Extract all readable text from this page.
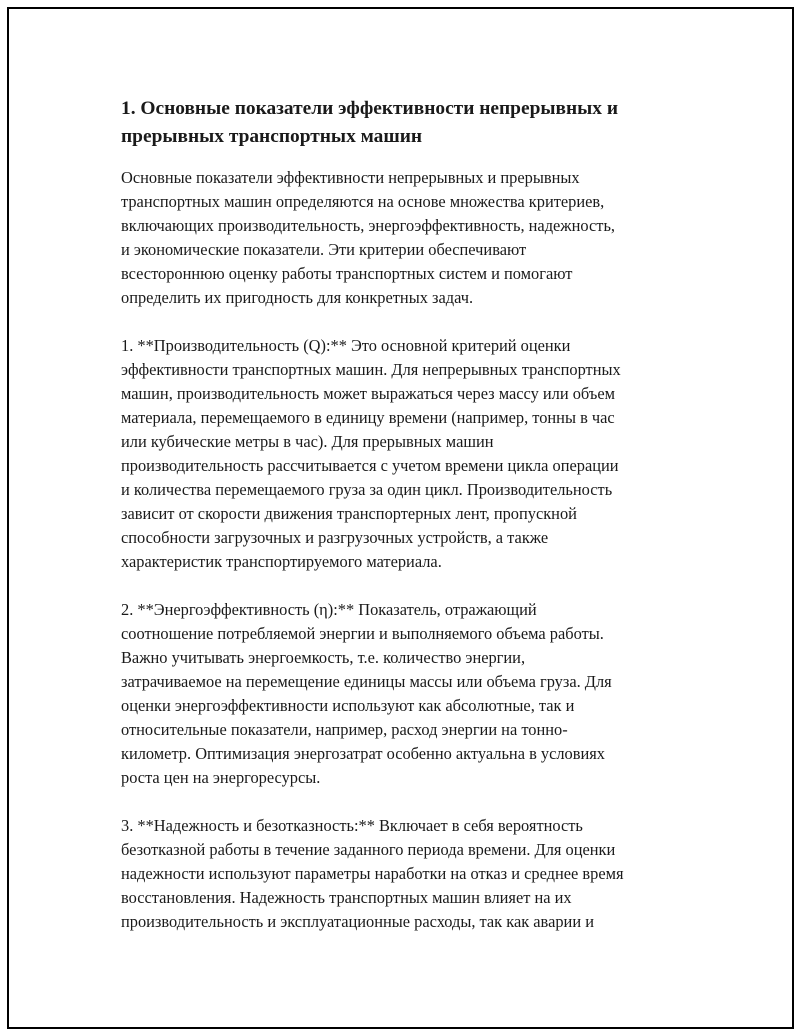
1. Основные показатели эффективности непрерывных и прерывных транспортных машин

Основные показатели эффективности непрерывных и прерывных
транспортных машин определяются на основе множества критериев,
включающих производительность, энергоэффективность, надежность,
и экономические показатели. Эти критерии обеспечивают
всестороннюю оценку работы транспортных систем и помогают
определить их пригодность для конкретных задач.

1. **Производительность (Q):** Это основной критерий оценки
эффективности транспортных машин. Для непрерывных транспортных
машин, производительность может выражаться через массу или объем
материала, перемещаемого в единицу времени (например, тонны в час
или кубические метры в час). Для прерывных машин
производительность рассчитывается с учетом времени цикла операции
и количества перемещаемого груза за один цикл. Производительность
зависит от скорости движения транспортерных лент, пропускной
способности загрузочных и разгрузочных устройств, а также
характеристик транспортируемого материала.

2. **Энергоэффективность (η):** Показатель, отражающий
соотношение потребляемой энергии и выполняемого объема работы.
Важно учитывать энергоемкость, т.е. количество энергии,
затрачиваемое на перемещение единицы массы или объема груза. Для
оценки энергоэффективности используют как абсолютные, так и
относительные показатели, например, расход энергии на тонно-
километр. Оптимизация энергозатрат особенно актуальна в условиях
роста цен на энергоресурсы.

3. **Надежность и безотказность:** Включает в себя вероятность
безотказной работы в течение заданного периода времени. Для оценки
надежности используют параметры наработки на отказ и среднее время
восстановления. Надежность транспортных машин влияет на их
производительность и эксплуатационные расходы, так как аварии и
